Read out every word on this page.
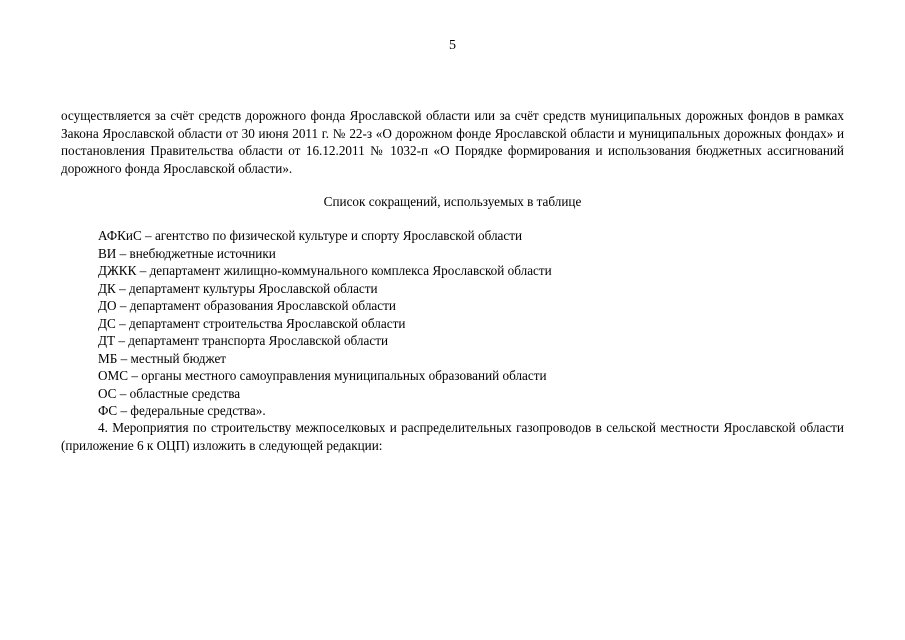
5

осуществляется за счёт средств дорожного фонда Ярославской области или за счёт средств муниципальных дорожных фондов в рамках Закона Ярославской области от 30 июня 2011 г. № 22-з «О дорожном фонде Ярославской области и муниципальных дорожных фондах» и постановления Правительства области от 16.12.2011 № 1032-п «О Порядке формирования и использования бюджетных ассигнований дорожного фонда Ярославской области».

Список сокращений, используемых в таблице
АФКиС – агентство по физической культуре и спорту Ярославской области
ВИ – внебюджетные источники
ДЖКК – департамент жилищно-коммунального комплекса Ярославской области
ДК – департамент культуры Ярославской области
ДО – департамент образования Ярославской области
ДС – департамент строительства Ярославской области
ДТ – департамент транспорта Ярославской области
МБ – местный бюджет
ОМС – органы местного самоуправления муниципальных образований области
ОС – областные средства
ФС – федеральные средства».

4. Мероприятия по строительству межпоселковых и распределительных газопроводов в сельской местности Ярославской области (приложение 6 к ОЦП) изложить в следующей редакции:
